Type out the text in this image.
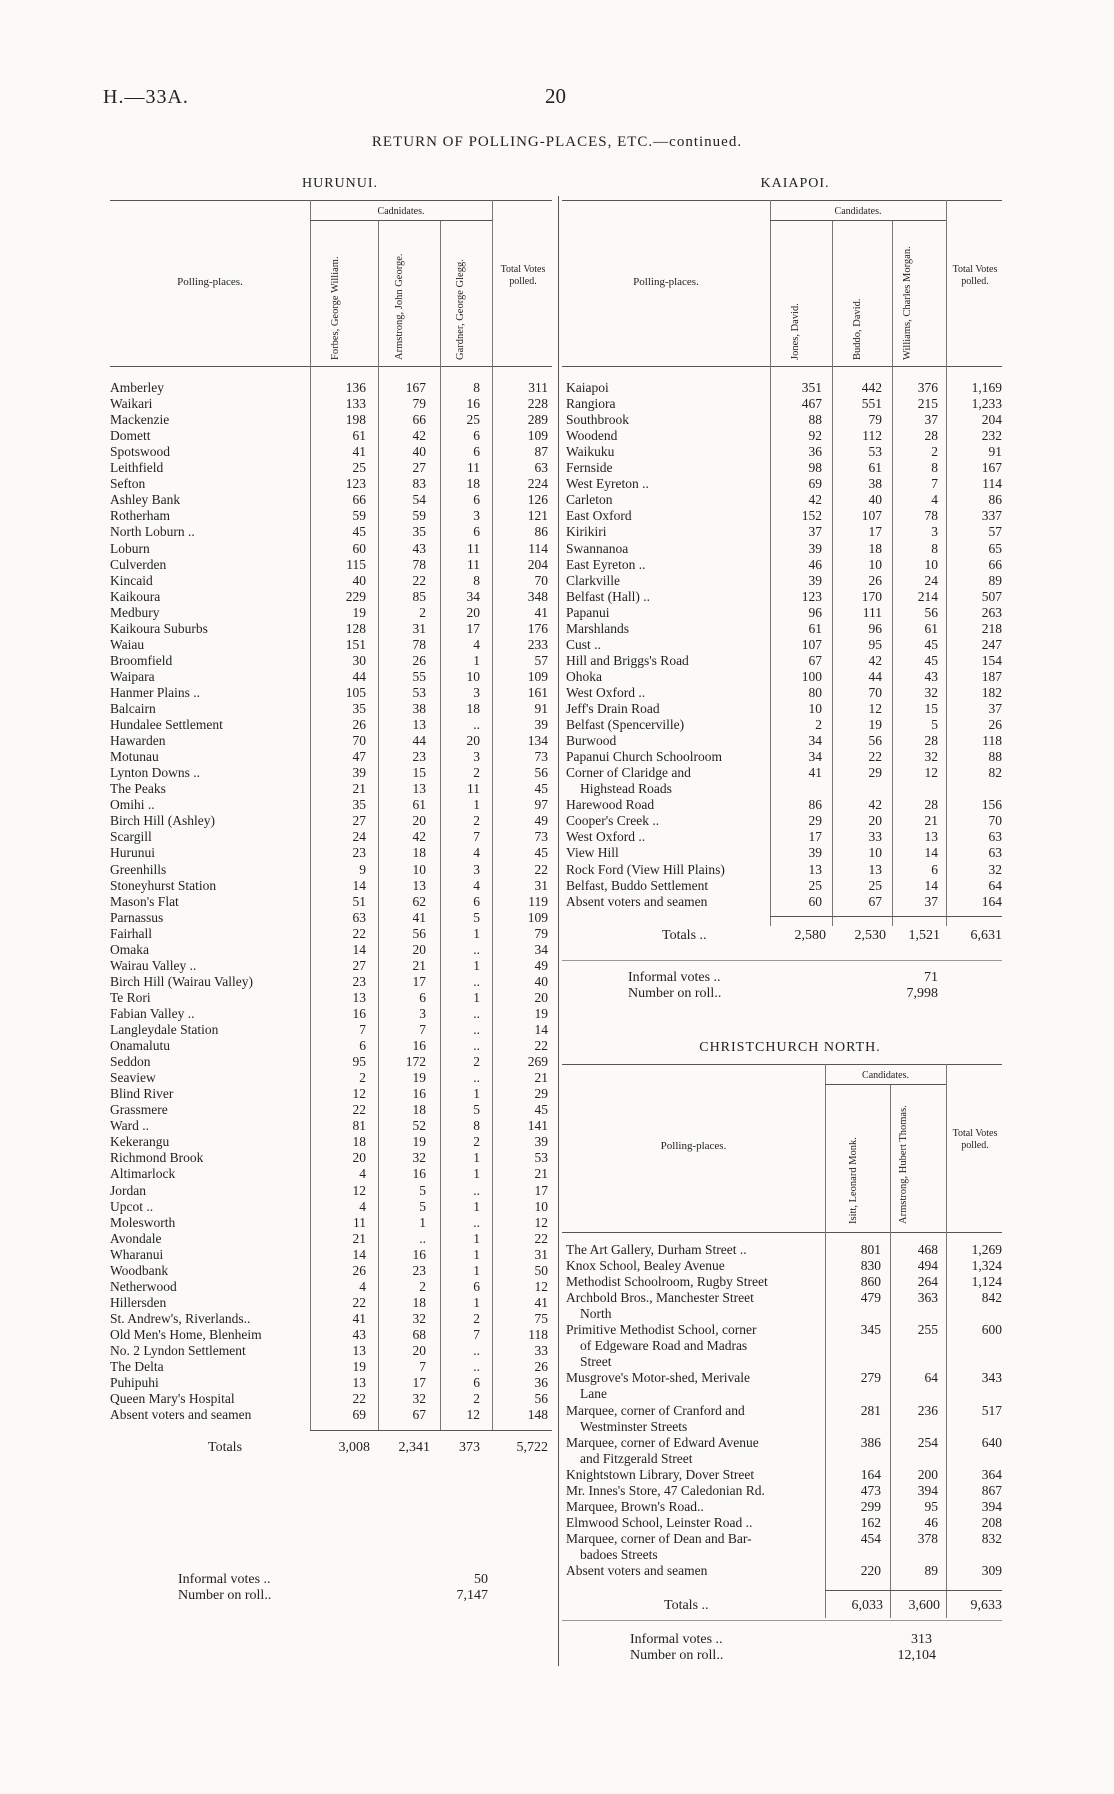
H.—33A.	20
RETURN OF POLLING-PLACES, ETC.—continued.
HURUNUI.
Cadnidates.
Polling-places.	Forbes, George William.	Armstrong, John George.	Gardner, George Glegg.	Total Votes polled.
Amberley	136	167	8	311
Waikari	133	79	16	228
Mackenzie	198	66	25	289
Domett	61	42	6	109
Spotswood	41	40	6	87
Leithfield	25	27	11	63
Sefton	123	83	18	224
Ashley Bank	66	54	6	126
Rotherham	59	59	3	121
North Loburn ..	45	35	6	86
Loburn	60	43	11	114
Culverden	115	78	11	204
Kincaid	40	22	8	70
Kaikoura	229	85	34	348
Medbury	19	2	20	41
Kaikoura Suburbs	128	31	17	176
Waiau	151	78	4	233
Broomfield	30	26	1	57
Waipara	44	55	10	109
Hanmer Plains ..	105	53	3	161
Balcairn	35	38	18	91
Hundalee Settlement	26	13	..	39
Hawarden	70	44	20	134
Motunau	47	23	3	73
Lynton Downs ..	39	15	2	56
The Peaks	21	13	11	45
Omihi ..	35	61	1	97
Birch Hill (Ashley)	27	20	2	49
Scargill	24	42	7	73
Hurunui	23	18	4	45
Greenhills	9	10	3	22
Stoneyhurst Station	14	13	4	31
Mason's Flat	51	62	6	119
Parnassus	63	41	5	109
Fairhall	22	56	1	79
Omaka	14	20	..	34
Wairau Valley ..	27	21	1	49
Birch Hill (Wairau Valley)	23	17	..	40
Te Rori	13	6	1	20
Fabian Valley ..	16	3	..	19
Langleydale Station	7	7	..	14
Onamalutu	6	16	..	22
Seddon	95	172	2	269
Seaview	2	19	..	21
Blind River	12	16	1	29
Grassmere	22	18	5	45
Ward ..	81	52	8	141
Kekerangu	18	19	2	39
Richmond Brook	20	32	1	53
Altimarlock	4	16	1	21
Jordan	12	5	..	17
Upcot ..	4	5	1	10
Molesworth	11	1	..	12
Avondale	21	..	1	22
Wharanui	14	16	1	31
Woodbank	26	23	1	50
Netherwood	4	2	6	12
Hillersden	22	18	1	41
St. Andrew's, Riverlands..	41	32	2	75
Old Men's Home, Blenheim	43	68	7	118
No. 2 Lyndon Settlement	13	20	..	33
The Delta	19	7	..	26
Puhipuhi	13	17	6	36
Queen Mary's Hospital	22	32	2	56
Absent voters and seamen	69	67	12	148
Totals	3,008	2,341	373	5,722
Informal votes ..	50
Number on roll..	7,147
KAIAPOI.
Candidates.
Polling-places.
Jones, David.	Buddo, David.	Williams, Charles Morgan.	Total Votes polled.
Kaiapoi	351	442	376	1,169
Rangiora	467	551	215	1,233
Southbrook	88	79	37	204
Woodend	92	112	28	232
Waikuku	36	53	2	91
Fernside	98	61	8	167
West Eyreton ..	69	38	7	114
Carleton	42	40	4	86
East Oxford	152	107	78	337
Kirikiri	37	17	3	57
Swannanoa	39	18	8	65
East Eyreton ..	46	10	10	66
Clarkville	39	26	24	89
Belfast (Hall) ..	123	170	214	507
Papanui	96	111	56	263
Marshlands	61	96	61	218
Cust ..	107	95	45	247
Hill and Briggs's Road	67	42	45	154
Ohoka	100	44	43	187
West Oxford ..	80	70	32	182
Jeff's Drain Road	10	12	15	37
Belfast (Spencerville)	2	19	5	26
Burwood	34	56	28	118
Papanui Church Schoolroom	34	22	32	88
Corner of Claridge and	41	29	12	82
Highstead Roads
Harewood Road	86	42	28	156
Cooper's Creek ..	29	20	21	70
West Oxford ..	17	33	13	63
View Hill	39	10	14	63
Rock Ford (View Hill Plains)	13	13	6	32
Belfast, Buddo Settlement	25	25	14	64
Absent voters and seamen	60	67	37	164
Totals ..	2,580	2,530	1,521	6,631
Informal votes ..	71
Number on roll..	7,998
CHRISTCHURCH NORTH.
Candidates.
Polling-places.	Isitt, Leonard Monk.	Armstrong, Hubert Thomas.	Total Votes polled.
The Art Gallery, Durham Street ..	801	468	1,269
Knox School, Bealey Avenue	830	494	1,324
Methodist Schoolroom, Rugby Street	860	264	1,124
Archbold Bros., Manchester Street	479	363	842
North
Primitive Methodist School, corner	345	255	600
of Edgeware Road and Madras
Street
Musgrove's Motor-shed, Merivale	279	64	343
Lane
Marquee, corner of Cranford and	281	236	517
Westminster Streets
Marquee, corner of Edward Avenue	386	254	640
and Fitzgerald Street
Knightstown Library, Dover Street	164	200	364
Mr. Innes's Store, 47 Caledonian Rd.	473	394	867
Marquee, Brown's Road..	299	95	394
Elmwood School, Leinster Road ..	162	46	208
Marquee, corner of Dean and Bar-	454	378	832
badoes Streets
Absent voters and seamen	220	89	309
Totals ..	6,033	3,600	9,633
Informal votes ..	313
Number on roll..	12,104
